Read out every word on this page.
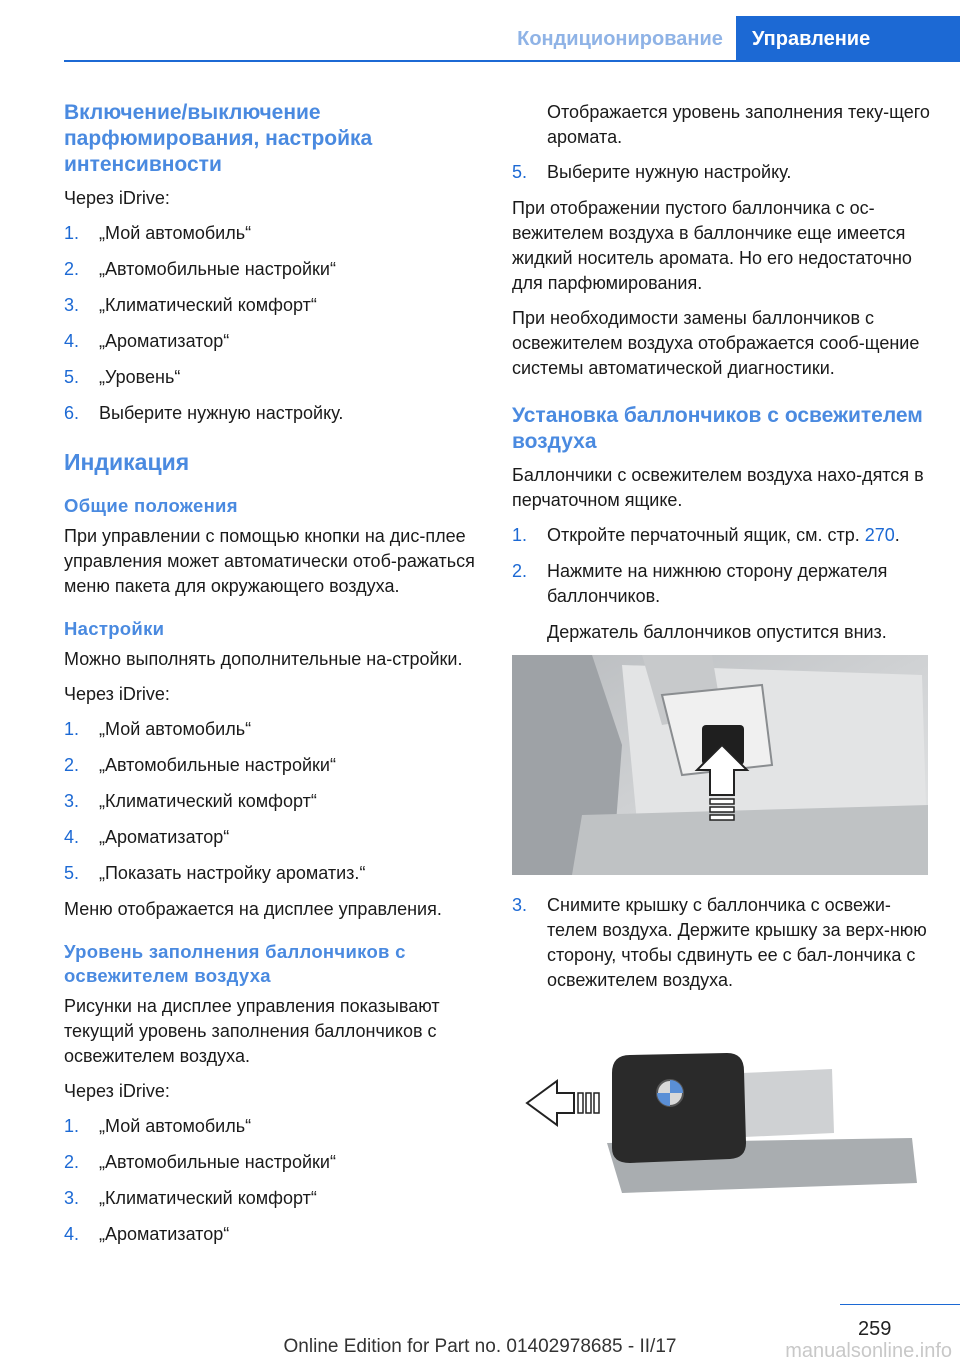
Кондиционирование	Управление
Включение/выключение парфюмирования, настройка интенсивности

Через iDrive:

1. „Мой автомобиль“
2. „Автомобильные настройки“
3. „Климатический комфорт“
4. „Ароматизатор“
5. „Уровень“
6. Выберите нужную настройку.
Индикация
Общие положения

При управлении с помощью кнопки на дис-плее управления может автоматически отоб-ражаться меню пакета для окружающего воздуха.

Настройки

Можно выполнять дополнительные на-стройки.

Через iDrive:

1. „Мой автомобиль“
2. „Автомобильные настройки“
3. „Климатический комфорт“
4. „Ароматизатор“
5. „Показать настройку ароматиз.“

Меню отображается на дисплее управления.

Уровень заполнения баллончиков с освежителем воздуха

Рисунки на дисплее управления показывают текущий уровень заполнения баллончиков с освежителем воздуха.

Через iDrive:

1. „Мой автомобиль“
2. „Автомобильные настройки“
3. „Климатический комфорт“
4. „Ароматизатор“

Отображается уровень заполнения теку-щего аромата.

5. Выберите нужную настройку.

При отображении пустого баллончика с ос-вежителем воздуха в баллончике еще имеется жидкий носитель аромата. Но его недостаточно для парфюмирования.

При необходимости замены баллончиков с освежителем воздуха отображается сооб-щение системы автоматической диагностики.

Установка баллончиков с освежителем воздуха

Баллончики с освежителем воздуха нахо-дятся в перчаточном ящике.

1. Откройте перчаточный ящик, см. стр. 270.
2. Нажмите на нижнюю сторону держателя баллончиков.

Держатель баллончиков опустится вниз.

3. Снимите крышку с баллончика с освежи-телем воздуха. Держите крышку за верх-нюю сторону, чтобы сдвинуть ее с бал-лончика с освежителем воздуха.
259
Online Edition for Part no. 01402978685 - II/17	manualsonline.info
